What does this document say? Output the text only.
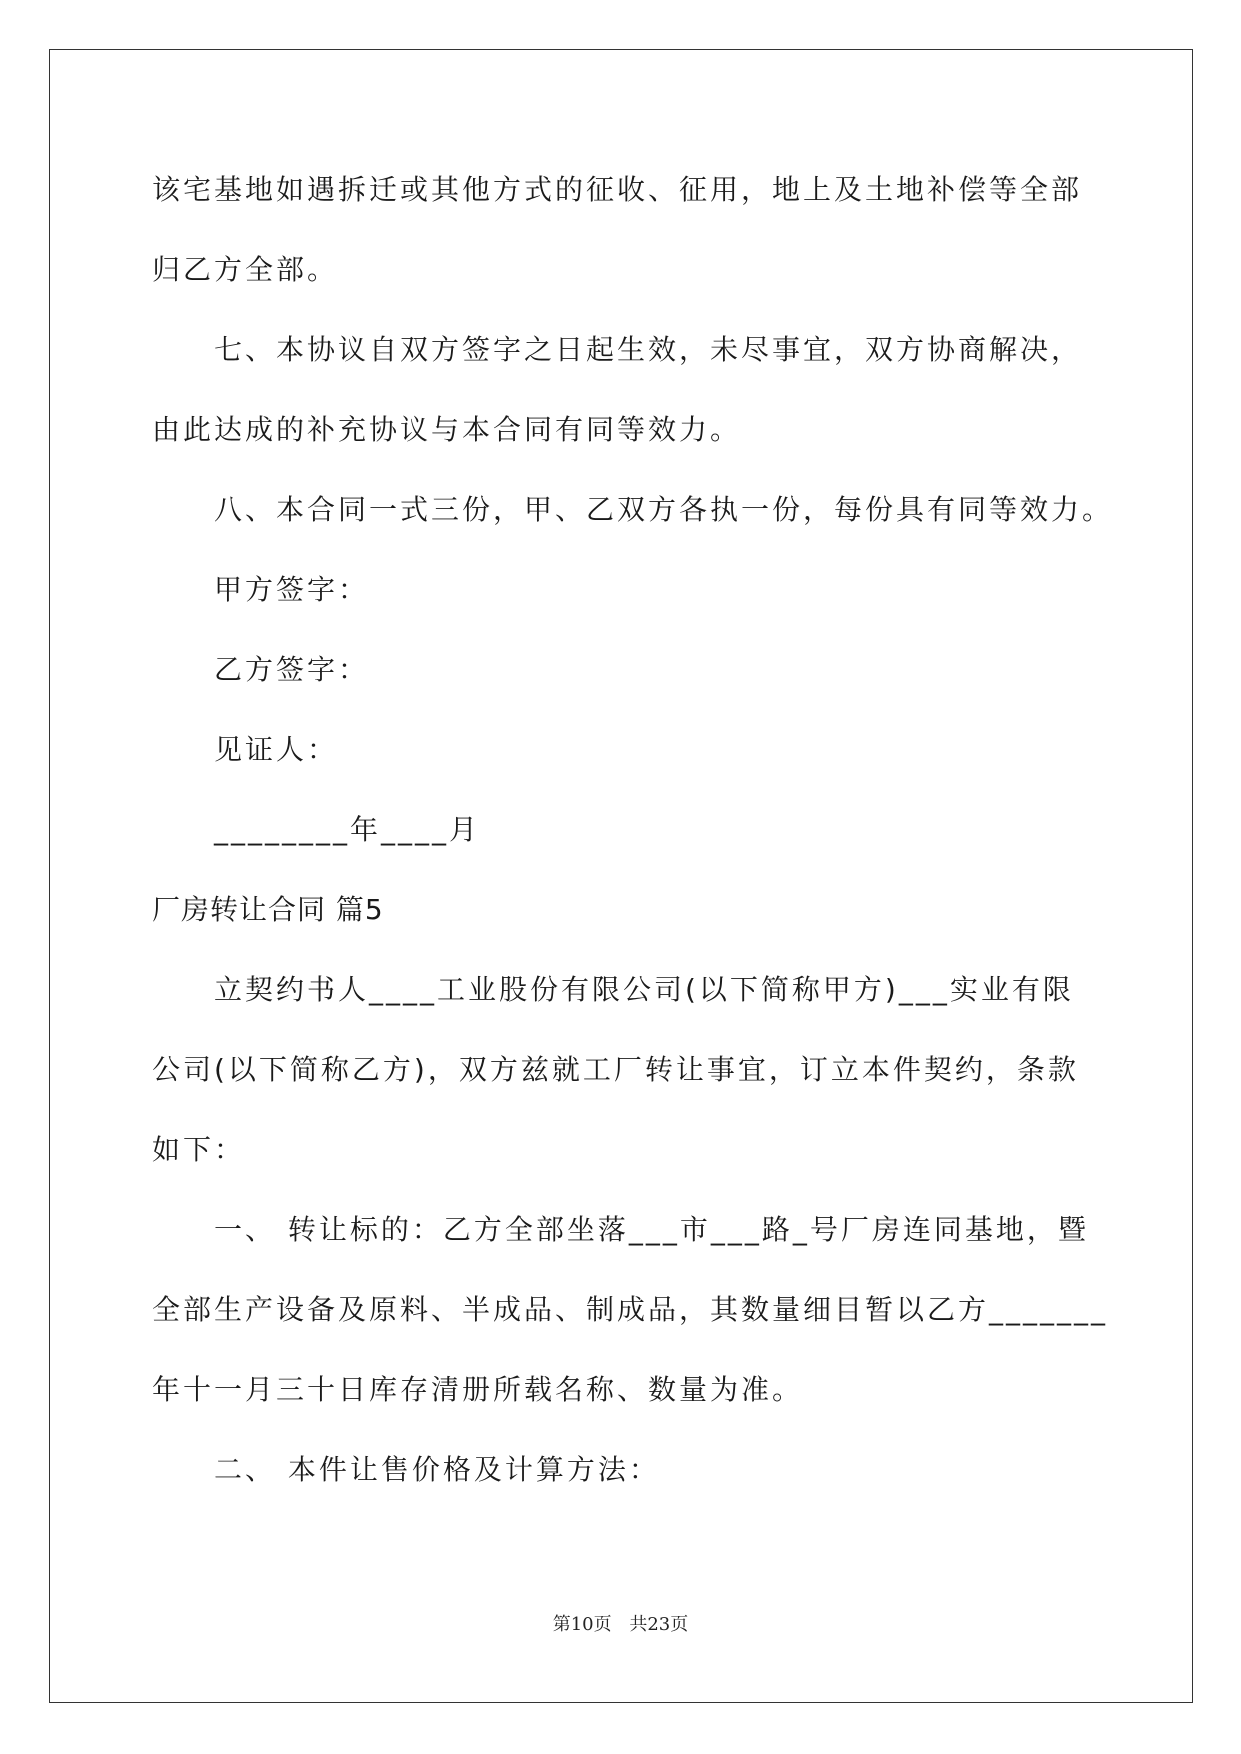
该宅基地如遇拆迁或其他方式的征收、征用，地上及土地补偿等全部
归乙方全部。
七、本协议自双方签字之日起生效，未尽事宜，双方协商解决，
由此达成的补充协议与本合同有同等效力。
八、本合同一式三份，甲、乙双方各执一份，每份具有同等效力。
甲方签字：
乙方签字：
见证人：
________年____月
厂房转让合同 篇5
立契约书人____工业股份有限公司(以下简称甲方)___实业有限
公司(以下简称乙方)，双方兹就工厂转让事宜，订立本件契约，条款
如下：
一、 转让标的：乙方全部坐落___市___路_号厂房连同基地，暨
全部生产设备及原料、半成品、制成品，其数量细目暂以乙方_______
年十一月三十日库存清册所载名称、数量为准。
二、 本件让售价格及计算方法：
第10页 共23页
